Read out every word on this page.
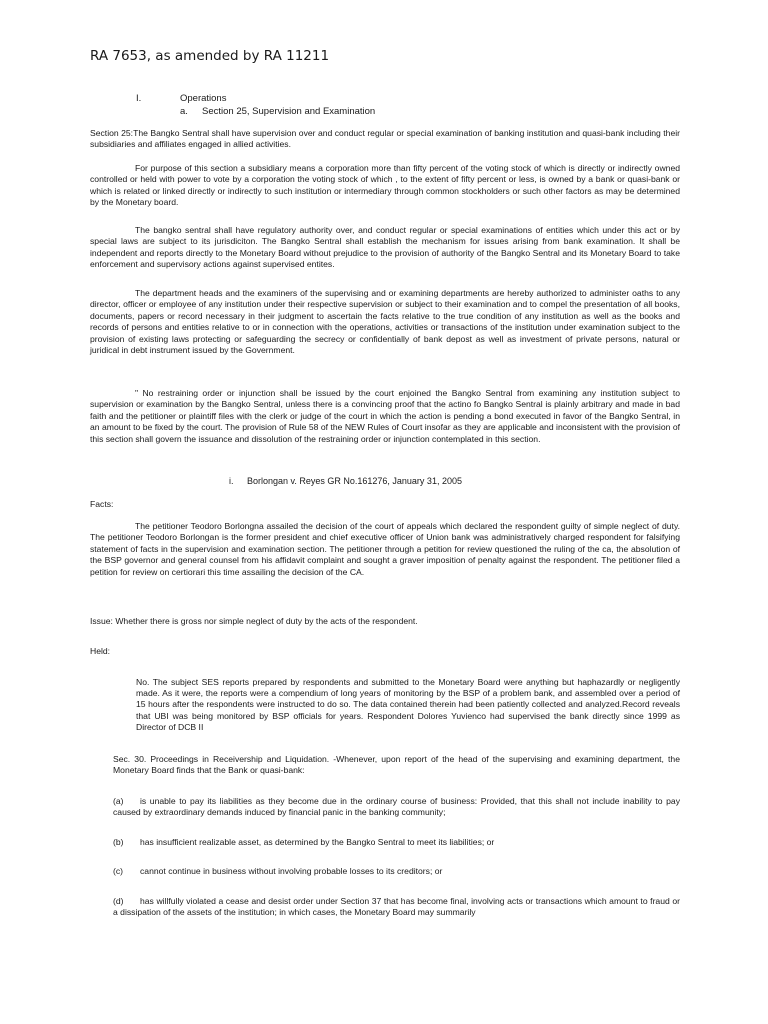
RA 7653, as amended by RA 11211
I.	Operations
a. Section 25, Supervision and Examination

Section 25:The Bangko Sentral shall have supervision over and conduct regular or special examination of banking institution and quasi-bank including their subsidiaries and affiliates engaged in allied activities.

For purpose of this section a subsidiary means a corporation more than fifty percent of the voting stock of which is directly or indirectly owned controlled or held with power to vote by a corporation the voting stock of which , to the extent of fifty percent or less, is owned by a bank or quasi-bank or which is related or linked directly or indirectly to such institution or intermediary through common stockholders or such other factors as may be determined by the Monetary board.

The bangko sentral shall have regulatory authority over, and conduct regular or special examinations of entities which under this act or by special laws are subject to its jurisdiciton. The Bangko Sentral shall establish the mechanism for issues arising from bank examination. It shall be independent and reports directly to the Monetary Board without prejudice to the provision of authority of the Bangko Sentral and its Monetary Board to take enforcement and supervisory actions against supervised entites.

The department heads and the examiners of the supervising and or examining departments are hereby authorized to administer oaths to any director, officer or employee of any institution under their respective supervision or subject to their examination and to compel the presentation of all books, documents, papers or record necessary in their judgment to ascertain the facts relative to the true condition of any institution as well as the books and records of persons and entities relative to or in connection with the operations, activities or transactions of the institution under examination subject to the provision of existing laws protecting or safeguarding the secrecy or confidentially of bank depost as well as investment of private persons, natural or juridical in debt instrument issued by the Government.

" No restraining order or injunction shall be issued by the court enjoined the Bangko Sentral from examining any institution subject to supervision or examination by the Bangko Sentral, unless there is a convincing proof that the actino fo Bangko Sentral is plainly arbitrary and made in bad faith and the petitioner or plaintiff files with the clerk or judge of the court in which the action is pending a bond executed in favor of the Bangko Sentral, in an amount to be fixed by the court. The provision of Rule 58 of the NEW Rules of Court insofar as they are applicable and inconsistent with the provision of this section shall govern the issuance and dissolution of the restraining order or injunction contemplated in this section.

i. Borlongan v. Reyes GR No.161276, January 31, 2005
Facts:

The petitioner Teodoro Borlongna assailed the decision of the court of appeals which declared the respondent guilty of simple neglect of duty. The petitioner Teodoro Borlongan is the former president and chief executive officer of Union bank was administratively charged respondent for falsifying statement of facts in the supervision and examination section. The petitioner through a petition for review questioned the ruling of the ca, the absolution of the BSP governor and general counsel from his affidavit complaint and sought a graver imposition of penalty against the respondent. The petitioner filed a petition for review on certiorari this time assailing the decision of the CA.

Issue: Whether there is gross nor simple neglect of duty by the acts of the respondent.
Held:

No. The subject SES reports prepared by respondents and submitted to the Monetary Board were anything but haphazardly or negligently made. As it were, the reports were a compendium of long years of monitoring by the BSP of a problem bank, and assembled over a period of 15 hours after the respondents were instructed to do so. The data contained therein had been patiently collected and analyzed.Record reveals that UBI was being monitored by BSP officials for years. Respondent Dolores Yuvienco had supervised the bank directly since 1999 as Director of DCB II

Sec. 30. Proceedings in Receivership and Liquidation. -Whenever, upon report of the head of the supervising and examining department, the Monetary Board finds that the Bank or quasi-bank:

(a) is unable to pay its liabilities as they become due in the ordinary course of business: Provided, that this shall not include inability to pay caused by extraordinary demands induced by financial panic in the banking community;

(b) has insufficient realizable asset, as determined by the Bangko Sentral to meet its liabilities; or

(c) cannot continue in business without involving probable losses to its creditors; or

(d) has willfully violated a cease and desist order under Section 37 that has become final, involving acts or transactions which amount to fraud or a dissipation of the assets of the institution; in which cases, the Monetary Board may summarily
